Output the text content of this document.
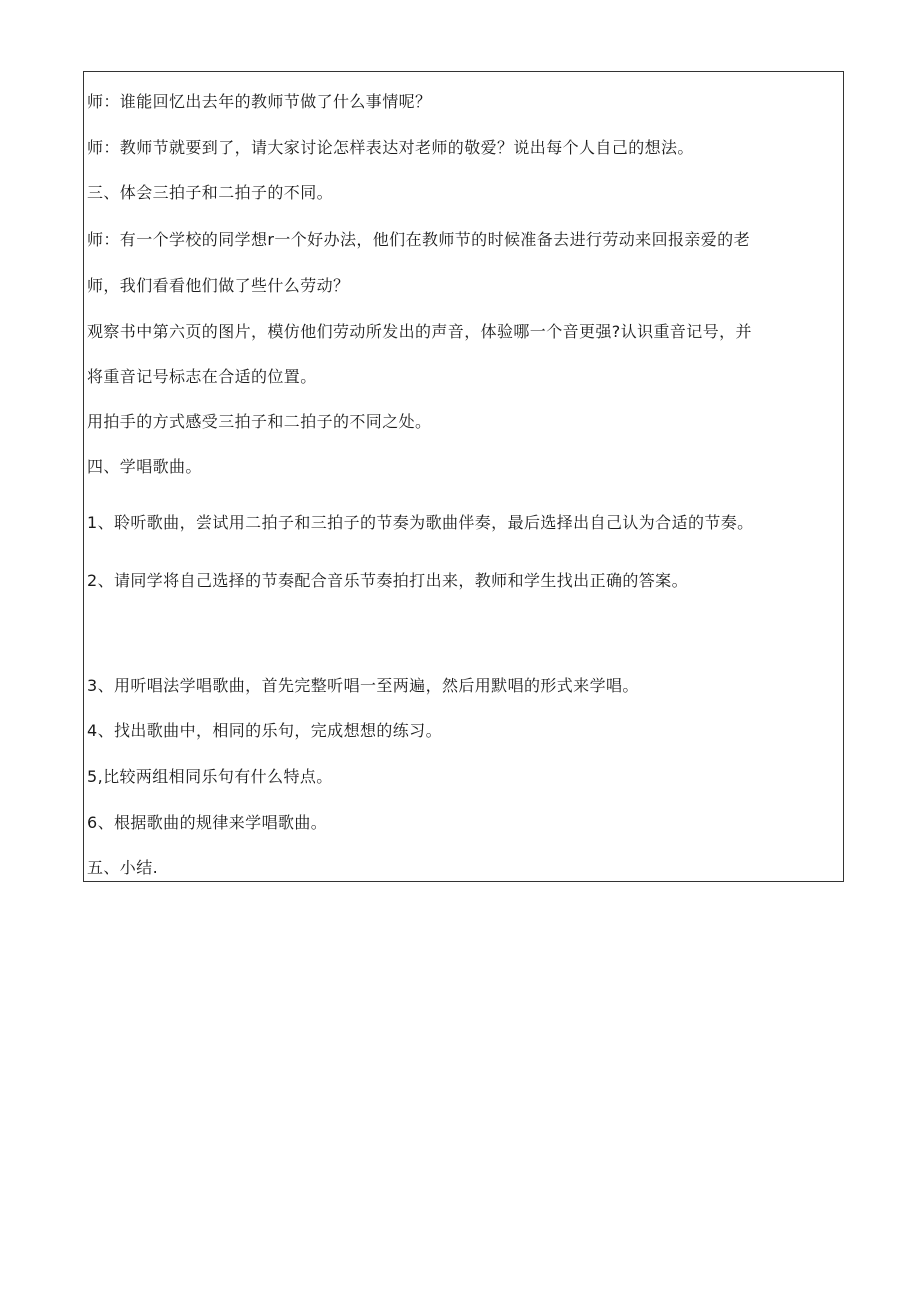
师：谁能回忆出去年的教师节做了什么事情呢？
师：教师节就要到了，请大家讨论怎样表达对老师的敬爱？说出每个人自己的想法。
三、体会三拍子和二拍子的不同。
师：有一个学校的同学想r一个好办法，他们在教师节的时候准备去进行劳动来回报亲爱的老
师，我们看看他们做了些什么劳动？
观察书中第六页的图片，模仿他们劳动所发出的声音，体验哪一个音更强?认识重音记号，并
将重音记号标志在合适的位置。
用拍手的方式感受三拍子和二拍子的不同之处。
四、学唱歌曲。
1、聆听歌曲，尝试用二拍子和三拍子的节奏为歌曲伴奏，最后选择出自己认为合适的节奏。
2、请同学将自己选择的节奏配合音乐节奏拍打出来，教师和学生找出正确的答案。
3、用听唱法学唱歌曲，首先完整听唱一至两遍，然后用默唱的形式来学唱。
4、找出歌曲中，相同的乐句，完成想想的练习。
5,比较两组相同乐句有什么特点。
6、根据歌曲的规律来学唱歌曲。
五、小结.
